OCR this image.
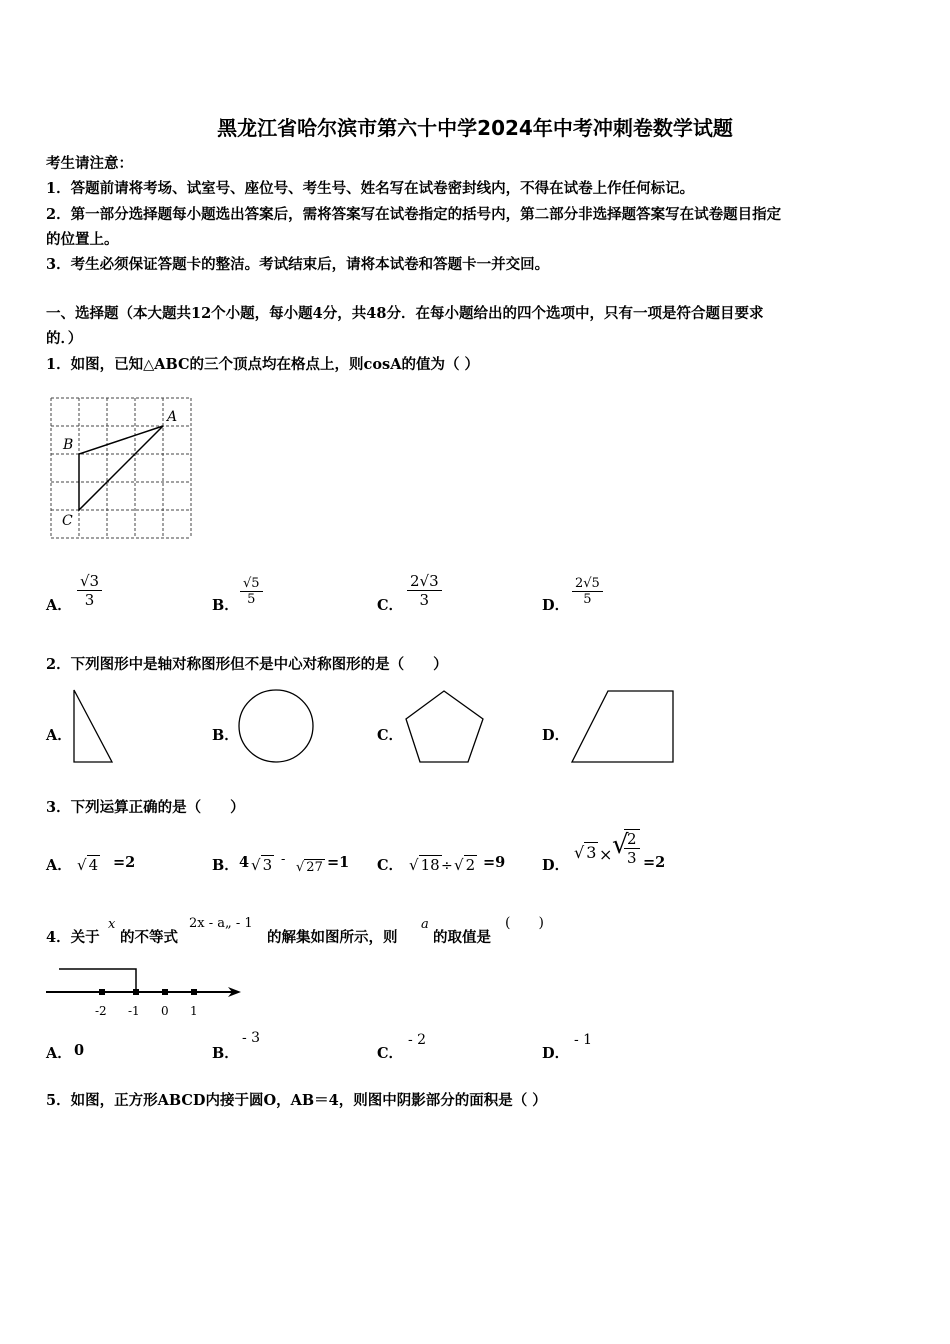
黑龙江省哈尔滨市第六十中学2024年中考冲刺卷数学试题
考生请注意：
1．答题前请将考场、试室号、座位号、考生号、姓名写在试卷密封线内，不得在试卷上作任何标记。
2．第一部分选择题每小题选出答案后，需将答案写在试卷指定的括号内，第二部分非选择题答案写在试卷题目指定
的位置上。
3．考生必须保证答题卡的整洁。考试结束后，请将本试卷和答题卡一并交回。
一、选择题（本大题共12个小题，每小题4分，共48分．在每小题给出的四个选项中，只有一项是符合题目要求
的．）
1．如图，已知△ABC的三个顶点均在格点上，则cosA的值为（ ）
A
B
C
A． $\frac{√3}{3}$	B． $\frac{√5}{5}$	C． $\frac{2√3}{3}$	D． $\frac{2√5}{5}$
2．下列图形中是轴对称图形但不是中心对称图形的是（　　）
A．	B．	C．	D．
3．下列运算正确的是（　　）
A． √ 4 =2	B． 4 √ 3 -
√ 27 =1 C． √ 18 ÷ √ 2 =9	D．
√ 3 × √
$\frac{2}{3} =2$
4．关于
x
的不等式
2x - a„ - 1
的解集如图所示，则
a
的取值是
(　　)
-2 -1 0 1
A． 0	B．
- 3
C．
- 2
D．
- 1
5．如图，正方形ABCD内接于圆O，AB＝4，则图中阴影部分的面积是（ ）
